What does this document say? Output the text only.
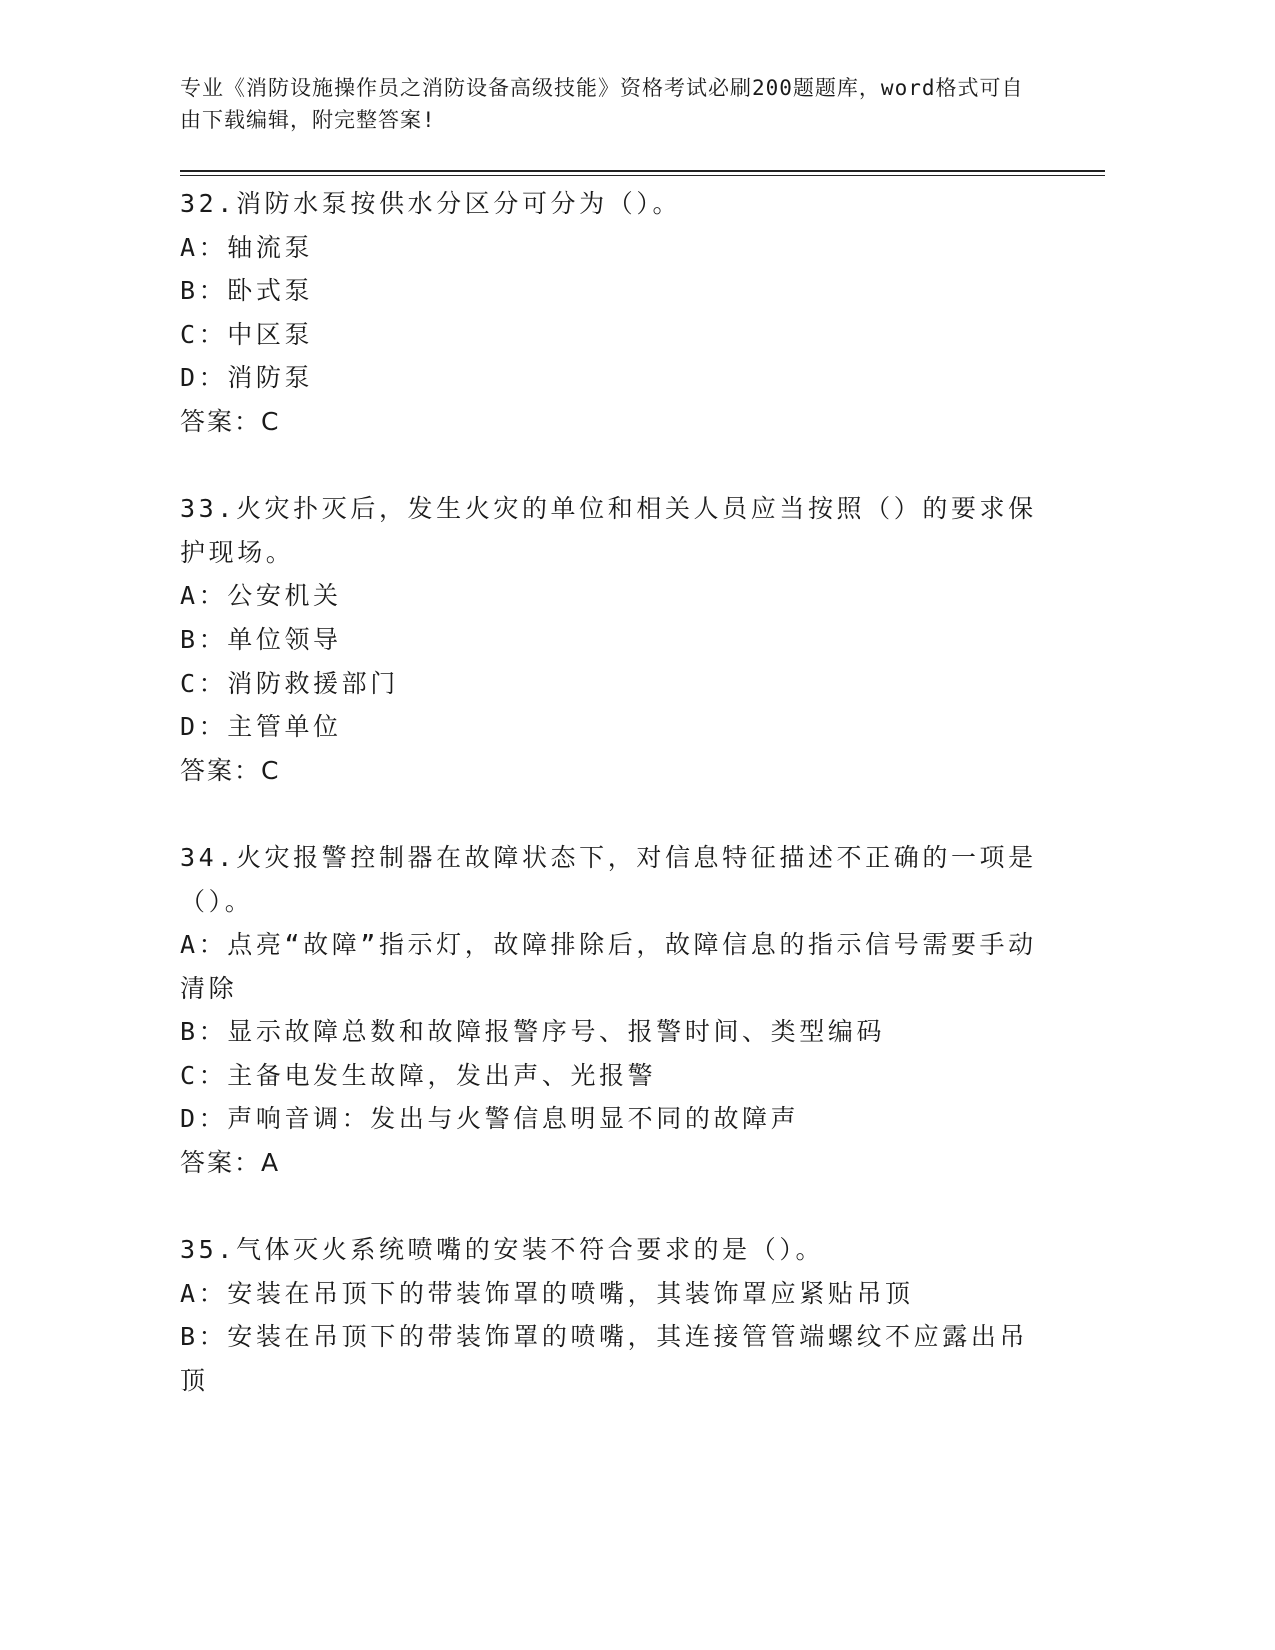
专业《消防设施操作员之消防设备高级技能》资格考试必刷200题题库，word格式可自由下载编辑，附完整答案!

32.消防水泵按供水分区分可分为（）。

A：轴流泵

B：卧式泵

C：中区泵

D：消防泵

答案：C

33.火灾扑灭后，发生火灾的单位和相关人员应当按照（）的要求保护现场。

A：公安机关

B：单位领导

C：消防救援部门

D：主管单位

答案：C

34.火灾报警控制器在故障状态下，对信息特征描述不正确的一项是（）。

A：点亮“故障”指示灯，故障排除后，故障信息的指示信号需要手动清除

B：显示故障总数和故障报警序号、报警时间、类型编码

C：主备电发生故障，发出声、光报警

D：声响音调：发出与火警信息明显不同的故障声

答案：A

35.气体灭火系统喷嘴的安装不符合要求的是（）。

A：安装在吊顶下的带装饰罩的喷嘴，其装饰罩应紧贴吊顶

B：安装在吊顶下的带装饰罩的喷嘴，其连接管管端螺纹不应露出吊顶
